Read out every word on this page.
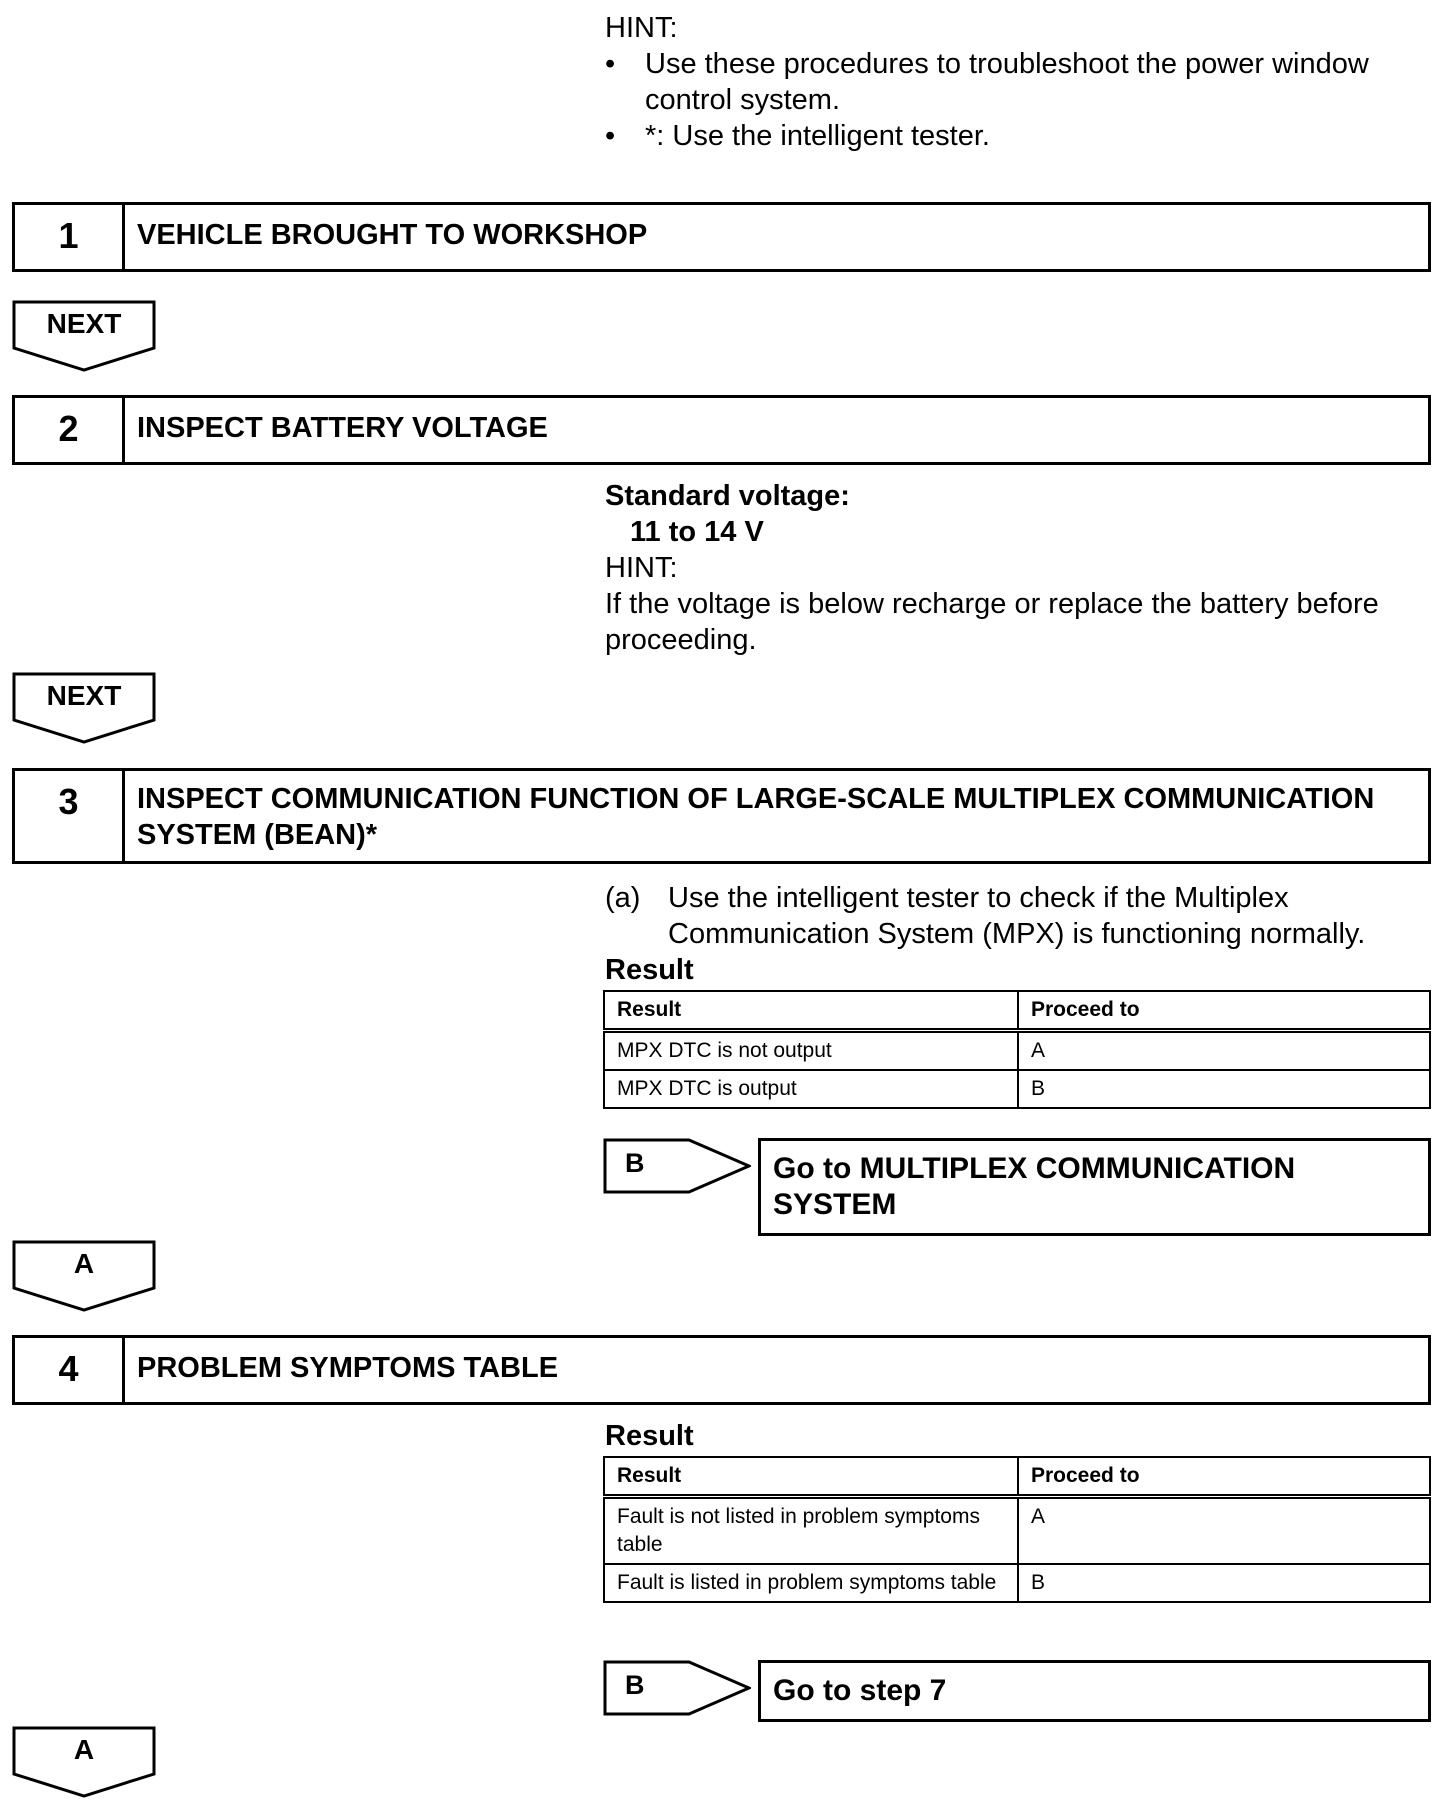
HINT:
• Use these procedures to troubleshoot the power window control system.
• *: Use the intelligent tester.
1	VEHICLE BROUGHT TO WORKSHOP
NEXT
2	INSPECT BATTERY VOLTAGE
Standard voltage:
11 to 14 V
HINT:
If the voltage is below recharge or replace the battery before proceeding.
NEXT
3	INSPECT COMMUNICATION FUNCTION OF LARGE-SCALE MULTIPLEX COMMUNICATION SYSTEM (BEAN)*
(a) Use the intelligent tester to check if the Multiplex Communication System (MPX) is functioning normally.
Result
Result	Proceed to
MPX DTC is not output	A
MPX DTC is output	B
B	Go to MULTIPLEX COMMUNICATION SYSTEM
A
4	PROBLEM SYMPTOMS TABLE
Result
Result	Proceed to
Fault is not listed in problem symptoms table	A
Fault is listed in problem symptoms table	B
B	Go to step 7
A
